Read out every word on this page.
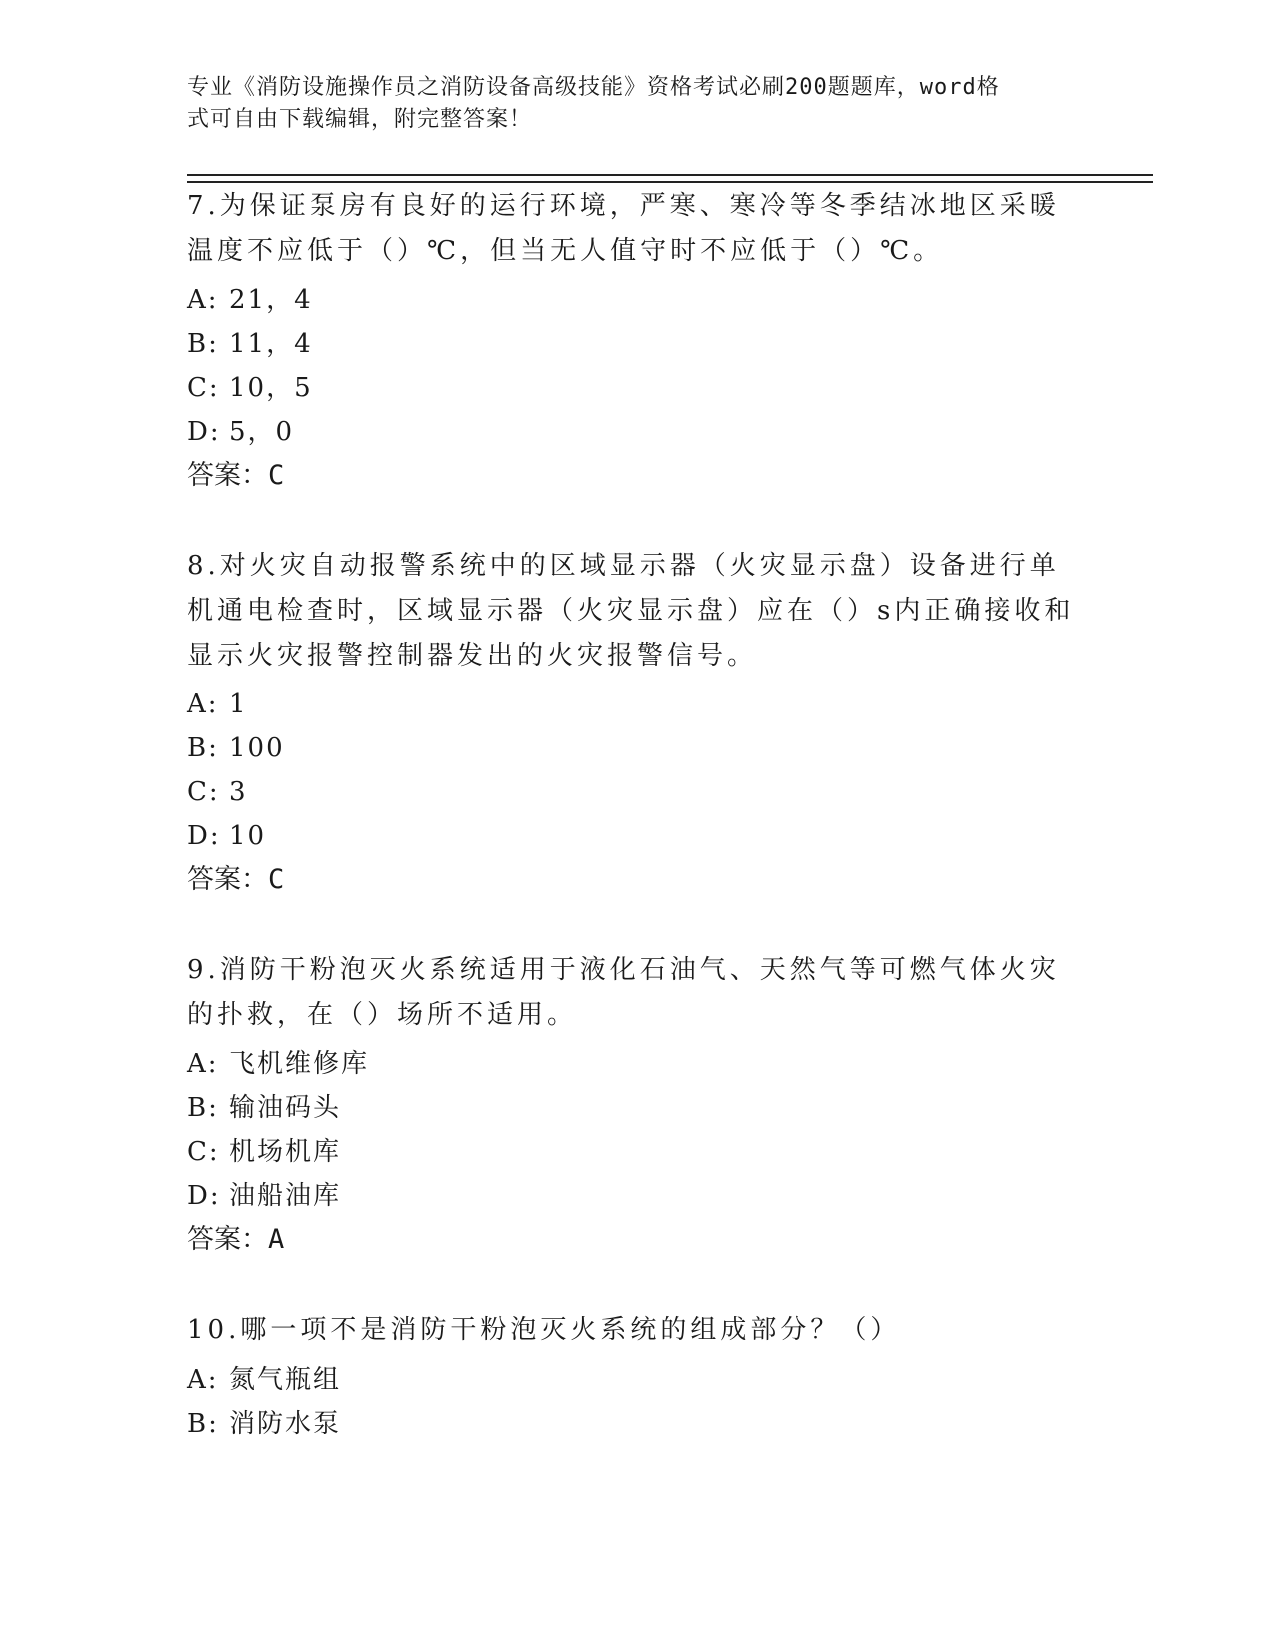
专业《消防设施操作员之消防设备高级技能》资格考试必刷200题题库，word格
式可自由下载编辑，附完整答案！
7.为保证泵房有良好的运行环境，严寒、寒冷等冬季结冰地区采暖温度不应低于（）℃，但当无人值守时不应低于（）℃。
A: 21，4
B: 11，4
C: 10，5
D: 5，0
答案：C
8.对火灾自动报警系统中的区域显示器（火灾显示盘）设备进行单机通电检查时，区域显示器（火灾显示盘）应在（）s内正确接收和显示火灾报警控制器发出的火灾报警信号。
A: 1
B: 100
C: 3
D: 10
答案：C
9.消防干粉泡灭火系统适用于液化石油气、天然气等可燃气体火灾的扑救，在（）场所不适用。
A: 飞机维修库
B: 输油码头
C: 机场机库
D: 油船油库
答案：A
10.哪一项不是消防干粉泡灭火系统的组成部分？（）
A: 氮气瓶组
B: 消防水泵
